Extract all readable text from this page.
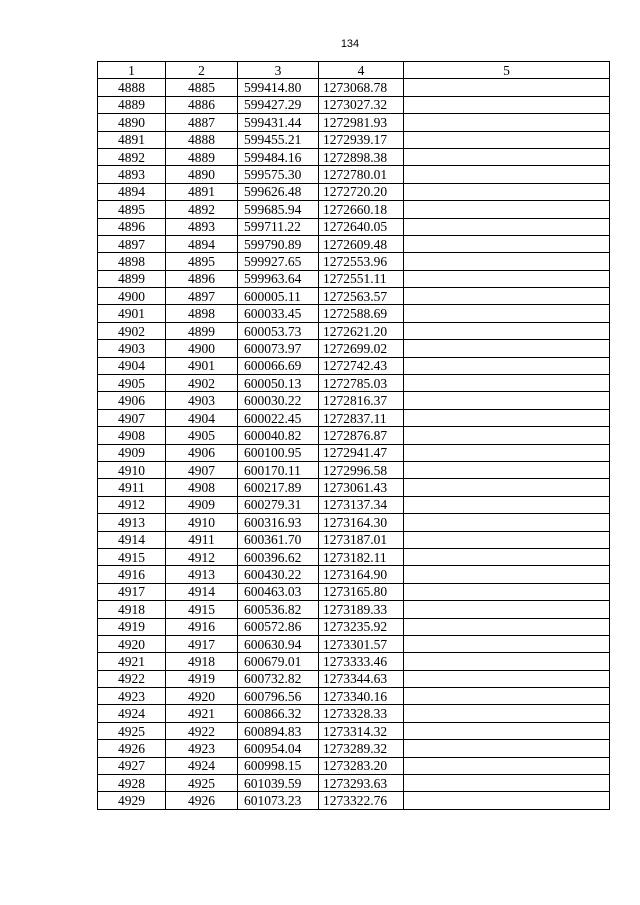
134
1	2	3	4	5
4888	4885	599414.80	1273068.78	
4889	4886	599427.29	1273027.32	
4890	4887	599431.44	1272981.93	
4891	4888	599455.21	1272939.17	
4892	4889	599484.16	1272898.38	
4893	4890	599575.30	1272780.01	
4894	4891	599626.48	1272720.20	
4895	4892	599685.94	1272660.18	
4896	4893	599711.22	1272640.05	
4897	4894	599790.89	1272609.48	
4898	4895	599927.65	1272553.96	
4899	4896	599963.64	1272551.11	
4900	4897	600005.11	1272563.57	
4901	4898	600033.45	1272588.69	
4902	4899	600053.73	1272621.20	
4903	4900	600073.97	1272699.02	
4904	4901	600066.69	1272742.43	
4905	4902	600050.13	1272785.03	
4906	4903	600030.22	1272816.37	
4907	4904	600022.45	1272837.11	
4908	4905	600040.82	1272876.87	
4909	4906	600100.95	1272941.47	
4910	4907	600170.11	1272996.58	
4911	4908	600217.89	1273061.43	
4912	4909	600279.31	1273137.34	
4913	4910	600316.93	1273164.30	
4914	4911	600361.70	1273187.01	
4915	4912	600396.62	1273182.11	
4916	4913	600430.22	1273164.90	
4917	4914	600463.03	1273165.80	
4918	4915	600536.82	1273189.33	
4919	4916	600572.86	1273235.92	
4920	4917	600630.94	1273301.57	
4921	4918	600679.01	1273333.46	
4922	4919	600732.82	1273344.63	
4923	4920	600796.56	1273340.16	
4924	4921	600866.32	1273328.33	
4925	4922	600894.83	1273314.32	
4926	4923	600954.04	1273289.32	
4927	4924	600998.15	1273283.20	
4928	4925	601039.59	1273293.63	
4929	4926	601073.23	1273322.76	
